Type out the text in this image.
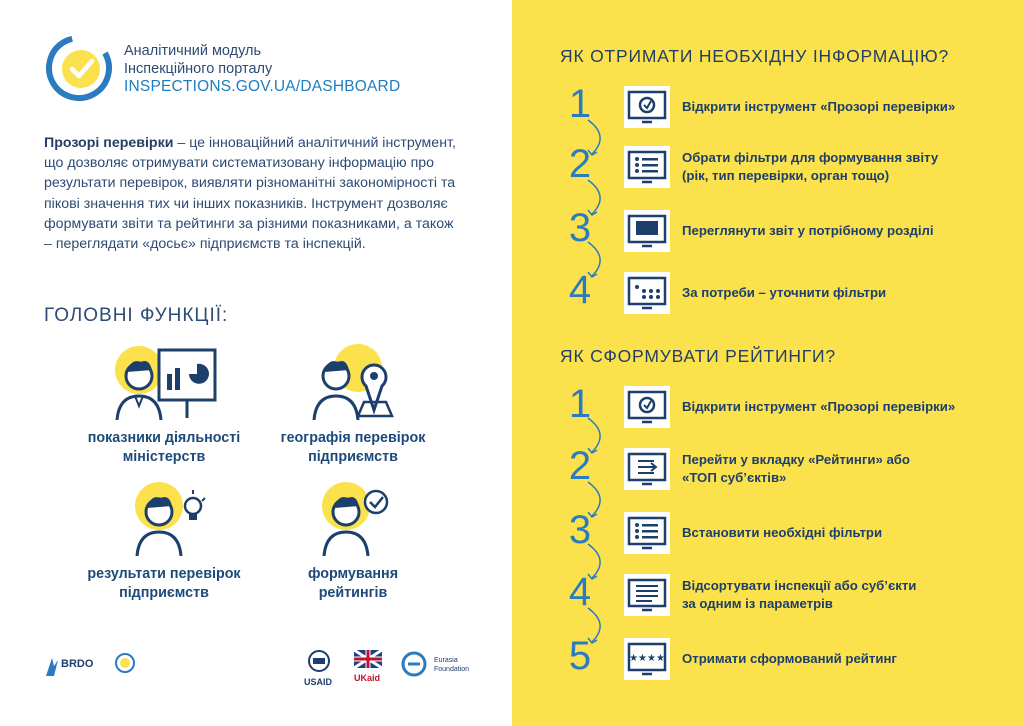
Аналітичний модуль
Інспекційного порталу
INSPECTIONS.GOV.UA/DASHBOARD
Прозорі перевірки – це інноваційний аналітичний інструмент, що дозволяє отримувати систематизовану інформацію про результати перевірок, виявляти різноманітні закономірності та пікові значення тих чи інших показників. Інструмент дозволяє формувати звіти та рейтинги за різними показниками, а також – переглядати «досьє» підприємств та інспекцій.
ГОЛОВНІ ФУНКЦІЇ:
показники діяльності
міністерств
географія перевірок
підприємств
результати перевірок
підприємств
формування
рейтингів
BRDO
USAID UKaid
Eurasia
Foundation
ЯК ОТРИМАТИ НЕОБХІДНУ ІНФОРМАЦІЮ?
1	Відкрити інструмент «Прозорі перевірки»
2	Обрати фільтри для формування звіту
(рік, тип перевірки, орган тощо)
3	Переглянути звіт у потрібному розділі
4	За потреби – уточнити фільтри
ЯК СФОРМУВАТИ РЕЙТИНГИ?
1	Відкрити інструмент «Прозорі перевірки»
2	Перейти у вкладку «Рейтинги» або
«ТОП суб’єктів»
3	Встановити необхідні фільтри
4	Відсортувати інспекції або суб’єкти
за одним із параметрів
5	★★★★ Отримати сформований рейтинг
